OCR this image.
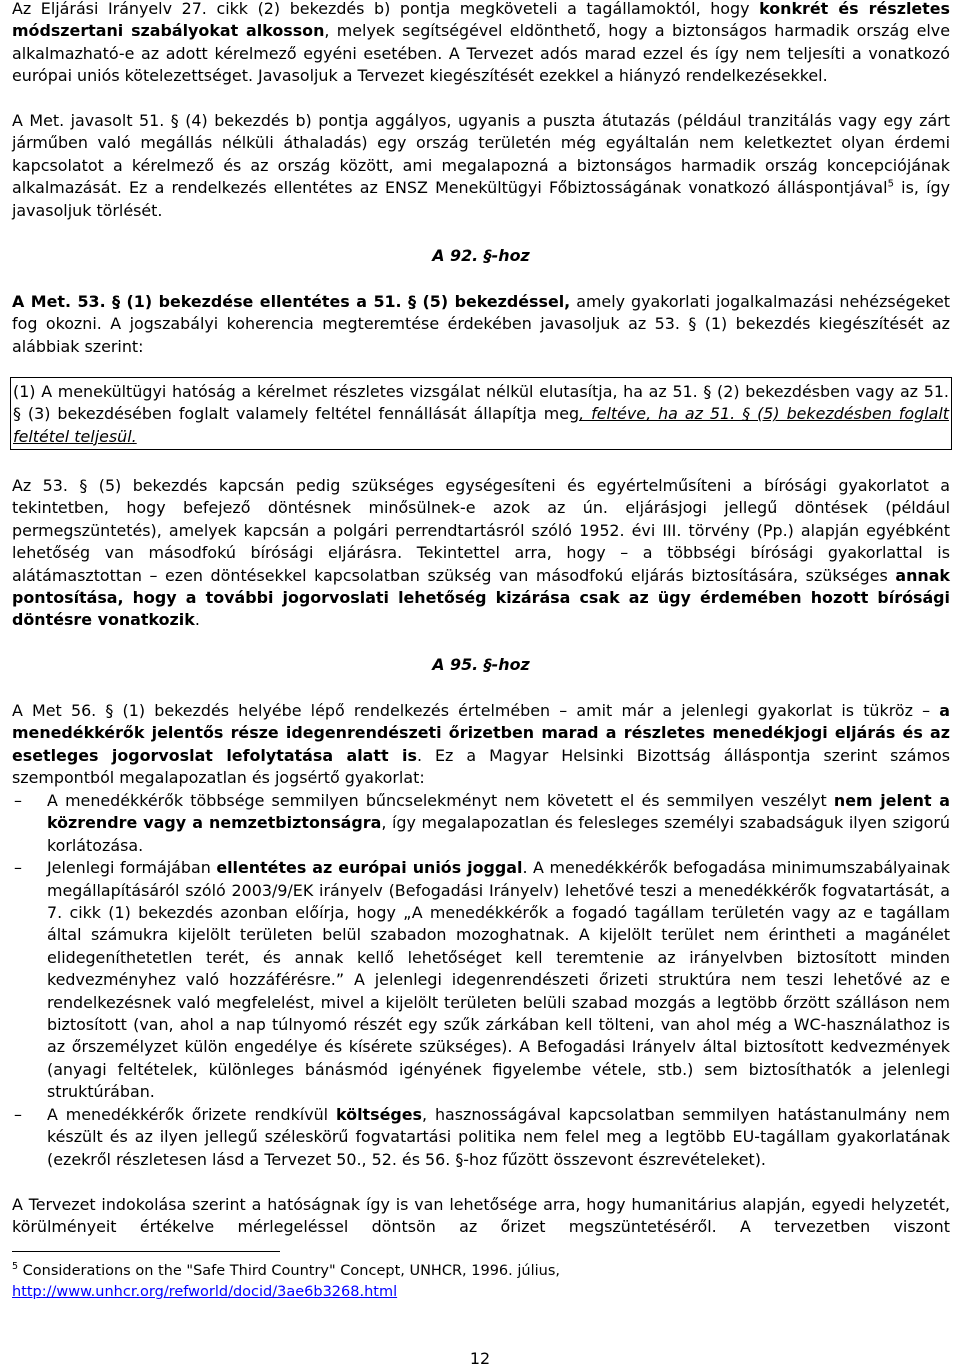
Az Eljárási Irányelv 27. cikk (2) bekezdés b) pontja megköveteli a tagállamoktól, hogy konkrét és részletes módszertani szabályokat alkosson, melyek segítségével eldönthető, hogy a biztonságos harmadik ország elve alkalmazható-e az adott kérelmező egyéni esetében. A Tervezet adós marad ezzel és így nem teljesíti a vonatkozó európai uniós kötelezettséget. Javasoljuk a Tervezet kiegészítését ezekkel a hiányzó rendelkezésekkel.

A Met. javasolt 51. § (4) bekezdés b) pontja aggályos, ugyanis a puszta átutazás (például tranzitálás vagy egy zárt járműben való megállás nélküli áthaladás) egy ország területén még egyáltalán nem keletkeztet olyan érdemi kapcsolatot a kérelmező és az ország között, ami megalapozná a biztonságos harmadik ország koncepciójának alkalmazását. Ez a rendelkezés ellentétes az ENSZ Menekültügyi Főbiztosságának vonatkozó álláspontjával$^5$ is, így javasoljuk törlését.

A 92. §-hoz

A Met. 53. § (1) bekezdése ellentétes a 51. § (5) bekezdéssel, amely gyakorlati jogalkalmazási nehézségeket fog okozni. A jogszabályi koherencia megteremtése érdekében javasoljuk az 53. § (1) bekezdés kiegészítését az alábbiak szerint:

(1) A menekültügyi hatóság a kérelmet részletes vizsgálat nélkül elutasítja, ha az 51. § (2) bekezdésben vagy az 51. § (3) bekezdésében foglalt valamely feltétel fennállását állapítja meg, feltéve, ha az 51. § (5) bekezdésben foglalt feltétel teljesül.

Az 53. § (5) bekezdés kapcsán pedig szükséges egységesíteni és egyértelműsíteni a bírósági gyakorlatot a tekintetben, hogy befejező döntésnek minősülnek-e azok az ún. eljárásjogi jellegű döntések (például permegszüntetés), amelyek kapcsán a polgári perrendtartásról szóló 1952. évi III. törvény (Pp.) alapján egyébként lehetőség van másodfokú bírósági eljárásra. Tekintettel arra, hogy – a többségi bírósági gyakorlattal is alátámasztottan – ezen döntésekkel kapcsolatban szükség van másodfokú eljárás biztosítására, szükséges annak pontosítása, hogy a további jogorvoslati lehetőség kizárása csak az ügy érdemében hozott bírósági döntésre vonatkozik.

A 95. §-hoz

A Met 56. § (1) bekezdés helyébe lépő rendelkezés értelmében – amit már a jelenlegi gyakorlat is tükröz – a menedékkérők jelentős része idegenrendészeti őrizetben marad a részletes menedékjogi eljárás és az esetleges jogorvoslat lefolytatása alatt is. Ez a Magyar Helsinki Bizottság álláspontja szerint számos szempontból megalapozatlan és jogsértő gyakorlat:

–	A menedékkérők többsége semmilyen bűncselekményt nem követett el és semmilyen veszélyt nem jelent a közrendre vagy a nemzetbiztonságra, így megalapozatlan és felesleges személyi szabadságuk ilyen szigorú korlátozása.
–	Jelenlegi formájában ellentétes az európai uniós joggal. A menedékkérők befogadása minimumszabályainak megállapításáról szóló 2003/9/EK irányelv (Befogadási Irányelv) lehetővé teszi a menedékkérők fogvatartását, a 7. cikk (1) bekezdés azonban előírja, hogy „A menedékkérők a fogadó tagállam területén vagy az e tagállam által számukra kijelölt területen belül szabadon mozoghatnak. A kijelölt terület nem érintheti a magánélet elidegeníthetetlen terét, és annak kellő lehetőséget kell teremtenie az irányelvben biztosított minden kedvezményhez való hozzáférésre.” A jelenlegi idegenrendészeti őrizeti struktúra nem teszi lehetővé az e rendelkezésnek való megfelelést, mivel a kijelölt területen belüli szabad mozgás a legtöbb őrzött szálláson nem biztosított (van, ahol a nap túlnyomó részét egy szűk zárkában kell tölteni, van ahol még a WC-használathoz is az őrszemélyzet külön engedélye és kísérete szükséges). A Befogadási Irányelv által biztosított kedvezmények (anyagi feltételek, különleges bánásmód igényének figyelembe vétele, stb.) sem biztosíthatók a jelenlegi struktúrában.
–	A menedékkérők őrizete rendkívül költséges, hasznosságával kapcsolatban semmilyen hatástanulmány nem készült és az ilyen jellegű széleskörű fogvatartási politika nem felel meg a legtöbb EU-tagállam gyakorlatának (ezekről részletesen lásd a Tervezet 50., 52. és 56. §-hoz fűzött összevont észrevételeket).

A Tervezet indokolása szerint a hatóságnak így is van lehetősége arra, hogy humanitárius alapján, egyedi helyzetét, körülményeit értékelve mérlegeléssel döntsön az őrizet megszüntetéséről. A tervezetben viszont

$^5$ Considerations on the "Safe Third Country" Concept, UNHCR, 1996. július,
http://www.unhcr.org/refworld/docid/3ae6b3268.html
12
